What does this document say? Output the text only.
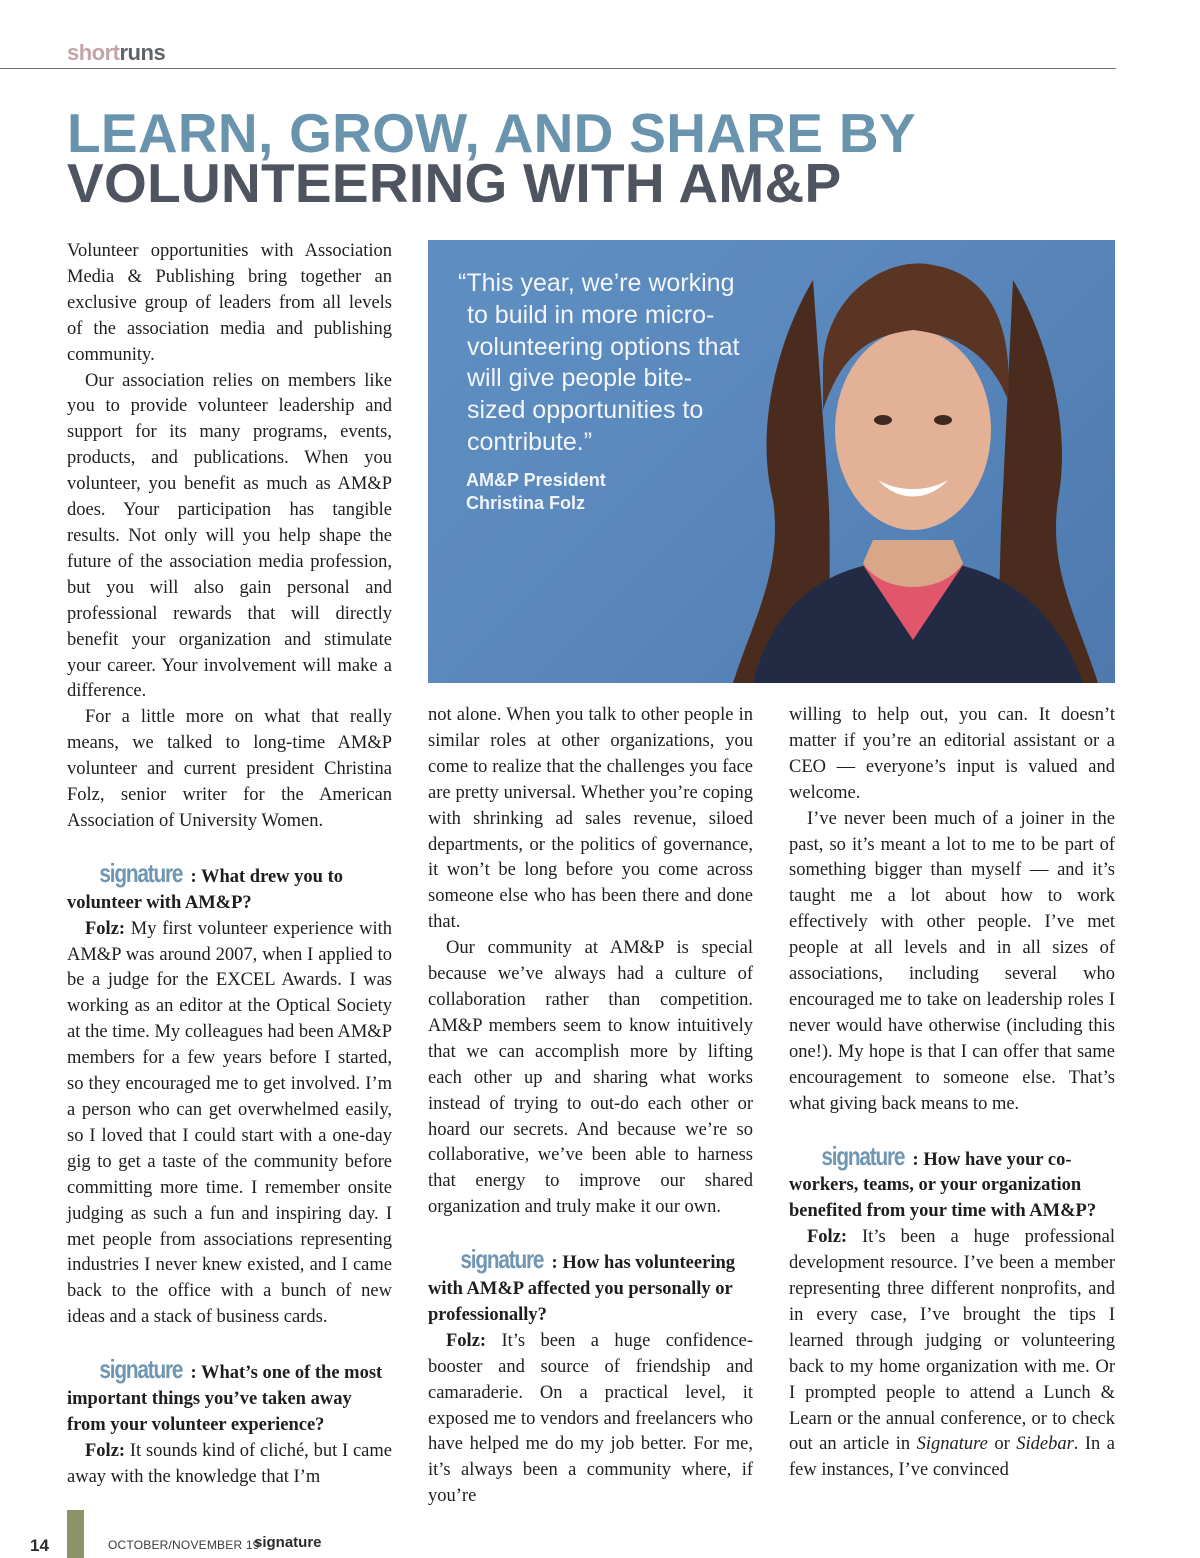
shortruns
LEARN, GROW, AND SHARE BY
VOLUNTEERING WITH AM&P

Volunteer opportunities with Association Media & Publishing bring together an exclusive group of leaders from all levels of the association media and publishing community.

Our association relies on members like you to provide volunteer leadership and support for its many programs, events, products, and publications. When you volunteer, you benefit as much as AM&P does. Your participation has tangible results. Not only will you help shape the future of the association media profession, but you will also gain personal and professional rewards that will directly benefit your organization and stimulate your career. Your involvement will make a difference.

For a little more on what that really means, we talked to long-time AM&P volunteer and current president Christina Folz, senior writer for the American Association of University Women.

signature : What drew you to volunteer with AM&P?

Folz: My first volunteer experience with AM&P was around 2007, when I applied to be a judge for the EXCEL Awards. I was working as an editor at the Optical Society at the time. My colleagues had been AM&P members for a few years before I started, so they encouraged me to get involved. I’m a person who can get overwhelmed easily, so I loved that I could start with a one-day gig to get a taste of the community before committing more time. I remember onsite judging as such a fun and inspiring day. I met people from associations representing industries I never knew existed, and I came back to the office with a bunch of new ideas and a stack of business cards.

signature : What’s one of the most important things you’ve taken away from your volunteer experience?

Folz: It sounds kind of cliché, but I came away with the knowledge that I’m

“This year, we’re working to build in more micro-volunteering options that will give people bite-sized opportunities to contribute.”
AM&P President
Christina Folz

not alone. When you talk to other people in similar roles at other organizations, you come to realize that the challenges you face are pretty universal. Whether you’re coping with shrinking ad sales revenue, siloed departments, or the politics of governance, it won’t be long before you come across someone else who has been there and done that.

Our community at AM&P is special because we’ve always had a culture of collaboration rather than competition. AM&P members seem to know intuitively that we can accomplish more by lifting each other up and sharing what works instead of trying to out-do each other or hoard our secrets. And because we’re so collaborative, we’ve been able to harness that energy to improve our shared organization and truly make it our own.

signature : How has volunteering with AM&P affected you personally or professionally?

Folz: It’s been a huge confidence-booster and source of friendship and camaraderie. On a practical level, it exposed me to vendors and freelancers who have helped me do my job better. For me, it’s always been a community where, if you’re

willing to help out, you can. It doesn’t matter if you’re an editorial assistant or a CEO — everyone’s input is valued and welcome.

I’ve never been much of a joiner in the past, so it’s meant a lot to me to be part of something bigger than myself — and it’s taught me a lot about how to work effectively with other people. I’ve met people at all levels and in all sizes of associations, including several who encouraged me to take on leadership roles I never would have otherwise (including this one!). My hope is that I can offer that same encouragement to someone else. That’s what giving back means to me.

signature : How have your co-workers, teams, or your organization benefited from your time with AM&P?

Folz: It’s been a huge professional development resource. I’ve been a member representing three different nonprofits, and in every case, I’ve brought the tips I learned through judging or volunteering back to my home organization with me. Or I prompted people to attend a Lunch & Learn or the annual conference, or to check out an article in Signature or Sidebar. In a few instances, I’ve convinced

14	OCTOBER/NOVEMBER 19
signature
